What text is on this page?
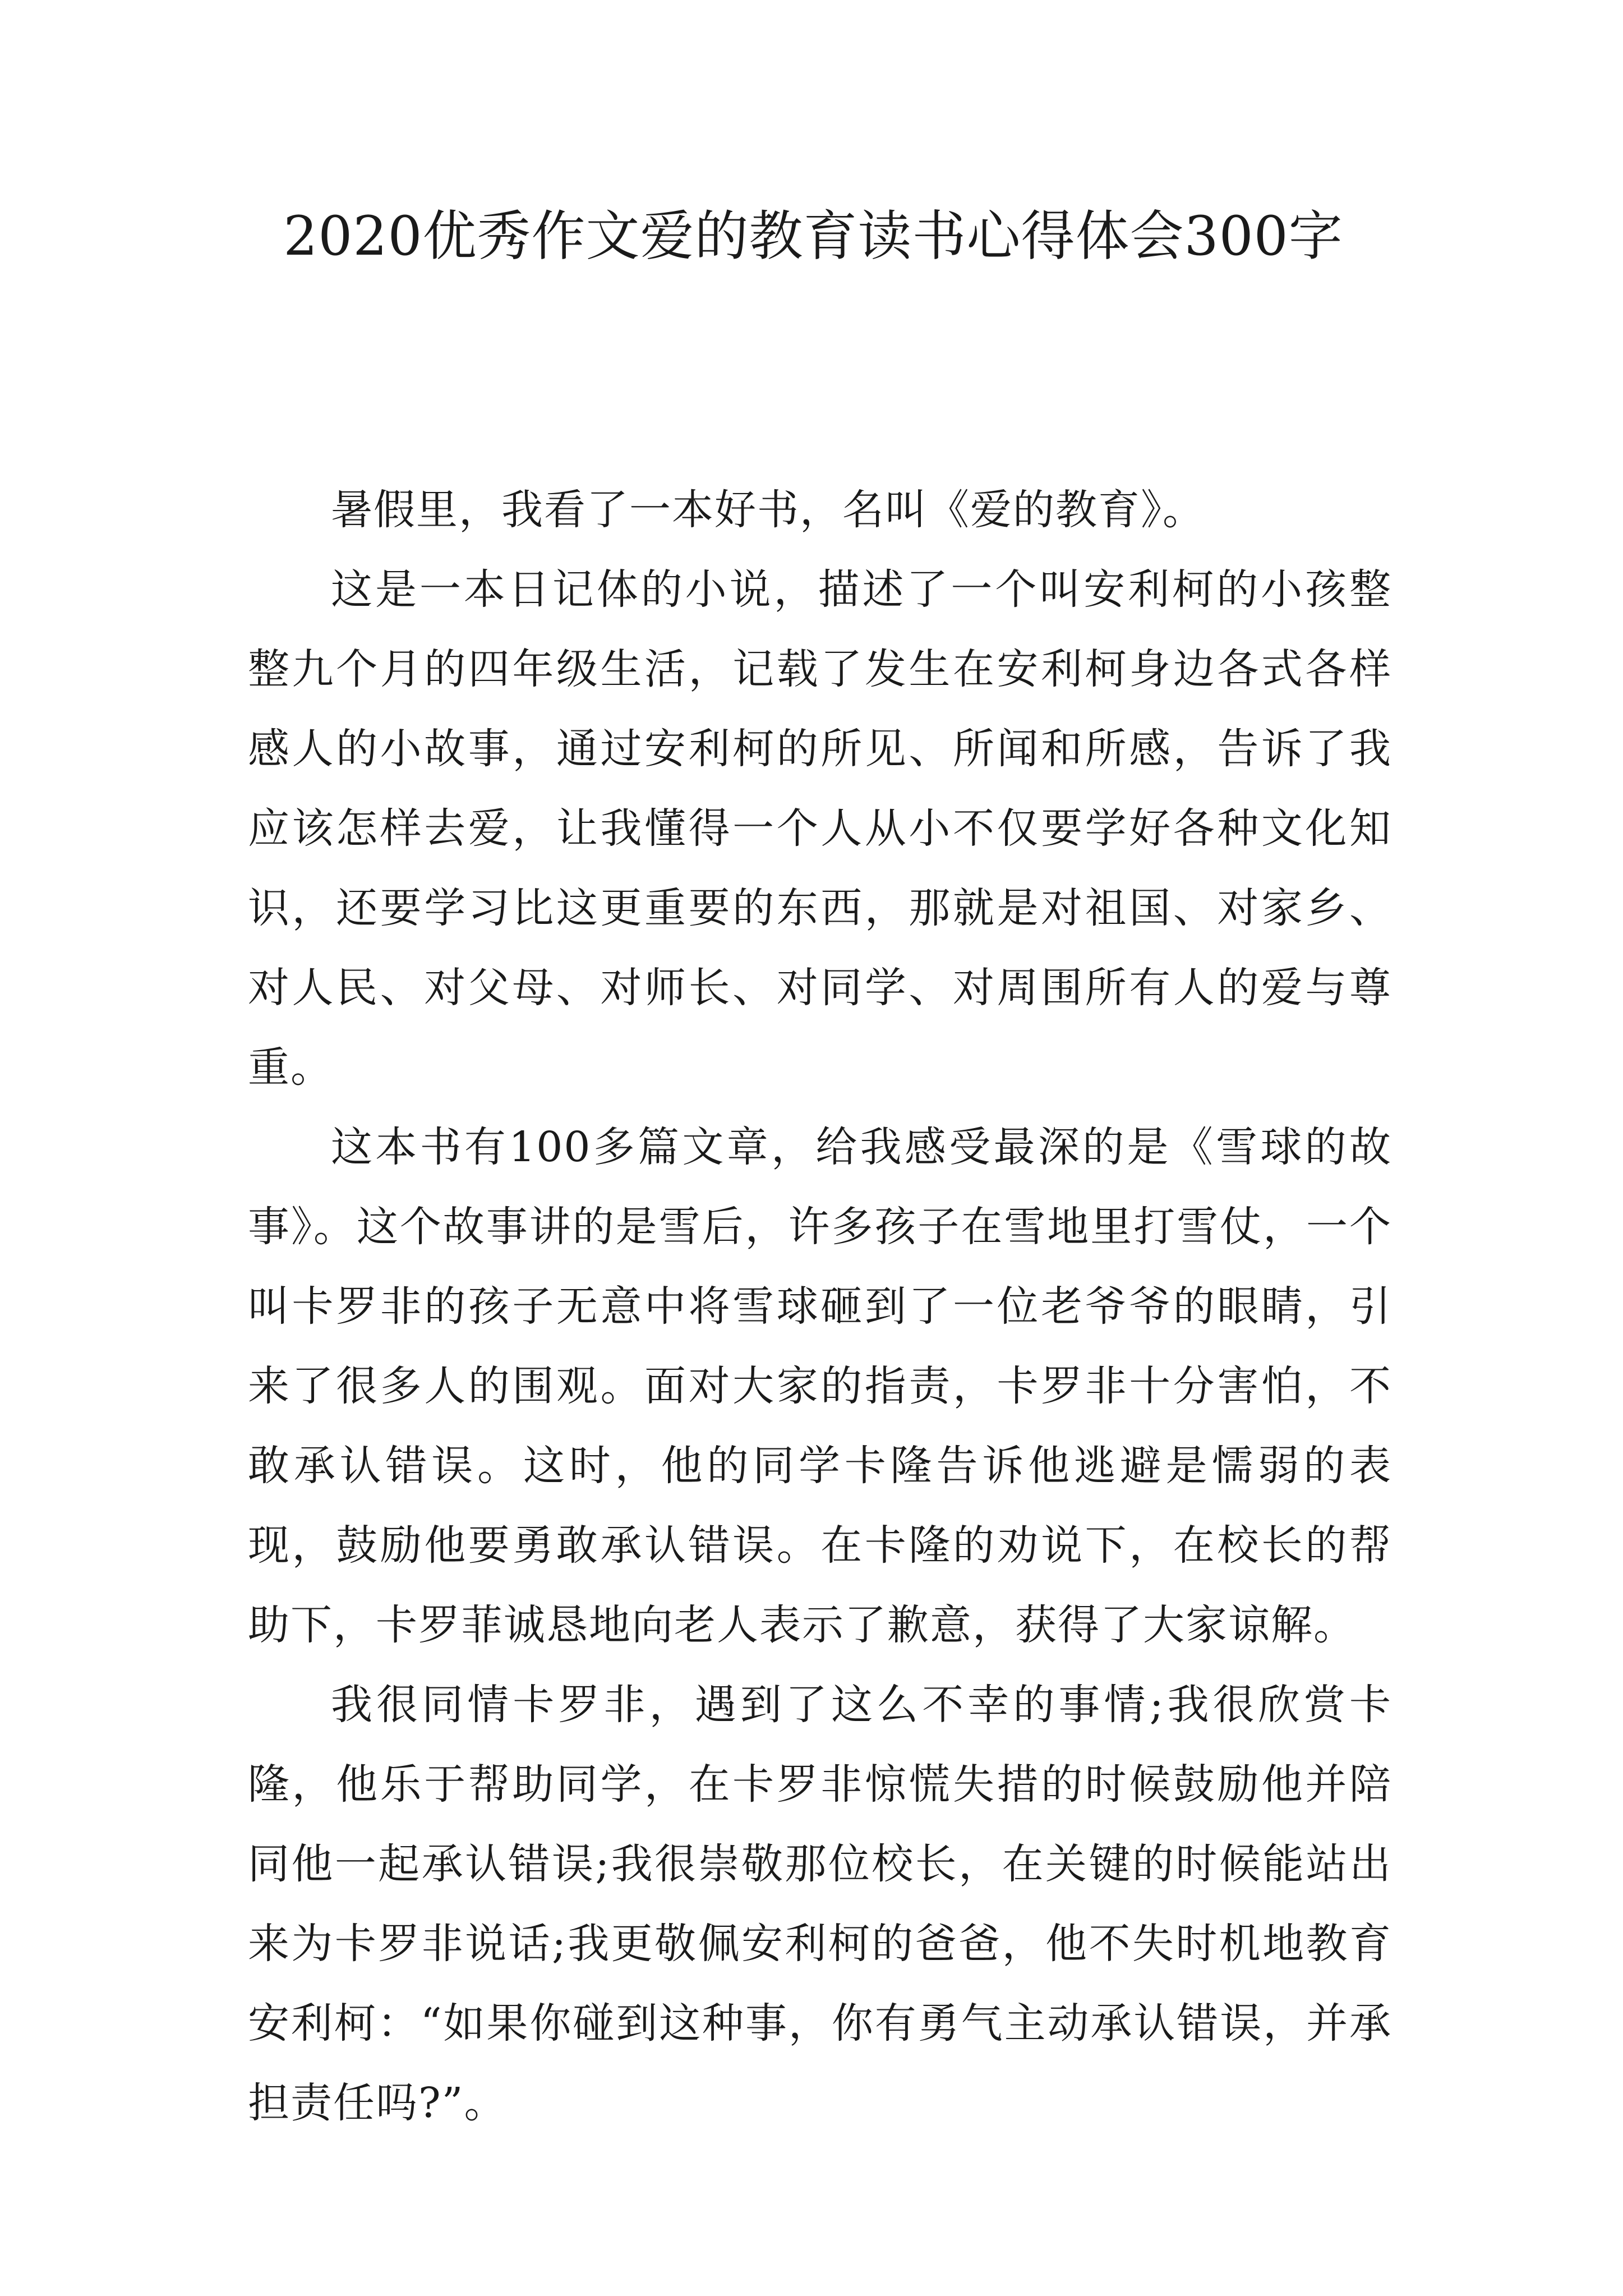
2020优秀作文爱的教育读书心得体会300字

暑假里，我看了一本好书，名叫《爱的教育》。

这是一本日记体的小说，描述了一个叫安利柯的小孩整整九个月的四年级生活，记载了发生在安利柯身边各式各样感人的小故事，通过安利柯的所见、所闻和所感，告诉了我应该怎样去爱，让我懂得一个人从小不仅要学好各种文化知识，还要学习比这更重要的东西，那就是对祖国、对家乡、对人民、对父母、对师长、对同学、对周围所有人的爱与尊重。

这本书有100多篇文章，给我感受最深的是《雪球的故事》。这个故事讲的是雪后，许多孩子在雪地里打雪仗，一个叫卡罗非的孩子无意中将雪球砸到了一位老爷爷的眼睛，引来了很多人的围观。面对大家的指责，卡罗非十分害怕，不敢承认错误。这时，他的同学卡隆告诉他逃避是懦弱的表现，鼓励他要勇敢承认错误。在卡隆的劝说下，在校长的帮助下，卡罗菲诚恳地向老人表示了歉意，获得了大家谅解。

我很同情卡罗非，遇到了这么不幸的事情;我很欣赏卡隆，他乐于帮助同学，在卡罗非惊慌失措的时候鼓励他并陪同他一起承认错误;我很崇敬那位校长，在关键的时候能站出来为卡罗非说话;我更敬佩安利柯的爸爸，他不失时机地教育安利柯：“如果你碰到这种事，你有勇气主动承认错误，并承担责任吗?”。
